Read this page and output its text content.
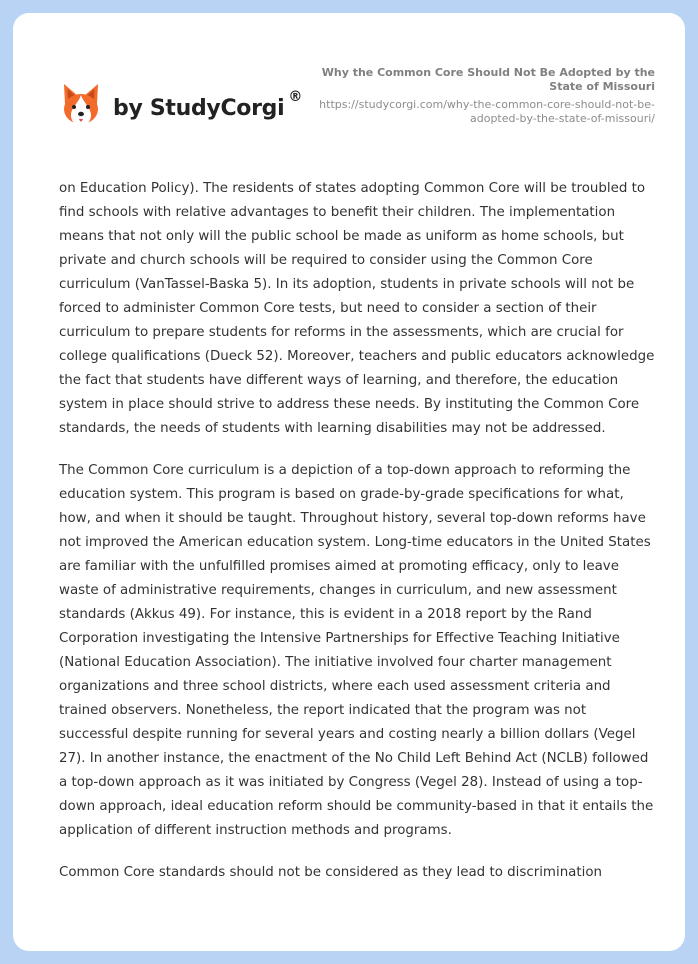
by StudyCorgi ®

Why the Common Core Should Not Be Adopted by the State of Missouri

https://studycorgi.com/why-the-common-core-should-not-be-adopted-by-the-state-of-missouri/

on Education Policy). The residents of states adopting Common Core will be troubled to find schools with relative advantages to benefit their children. The implementation means that not only will the public school be made as uniform as home schools, but private and church schools will be required to consider using the Common Core curriculum (VanTassel-Baska 5). In its adoption, students in private schools will not be forced to administer Common Core tests, but need to consider a section of their curriculum to prepare students for reforms in the assessments, which are crucial for college qualifications (Dueck 52). Moreover, teachers and public educators acknowledge the fact that students have different ways of learning, and therefore, the education system in place should strive to address these needs. By instituting the Common Core standards, the needs of students with learning disabilities may not be addressed.

The Common Core curriculum is a depiction of a top-down approach to reforming the education system. This program is based on grade-by-grade specifications for what, how, and when it should be taught. Throughout history, several top-down reforms have not improved the American education system. Long-time educators in the United States are familiar with the unfulfilled promises aimed at promoting efficacy, only to leave waste of administrative requirements, changes in curriculum, and new assessment standards (Akkus 49). For instance, this is evident in a 2018 report by the Rand Corporation investigating the Intensive Partnerships for Effective Teaching Initiative (National Education Association). The initiative involved four charter management organizations and three school districts, where each used assessment criteria and trained observers. Nonetheless, the report indicated that the program was not successful despite running for several years and costing nearly a billion dollars (Vegel 27). In another instance, the enactment of the No Child Left Behind Act (NCLB) followed a top-down approach as it was initiated by Congress (Vegel 28). Instead of using a top-down approach, ideal education reform should be community-based in that it entails the application of different instruction methods and programs.

Common Core standards should not be considered as they lead to discrimination
